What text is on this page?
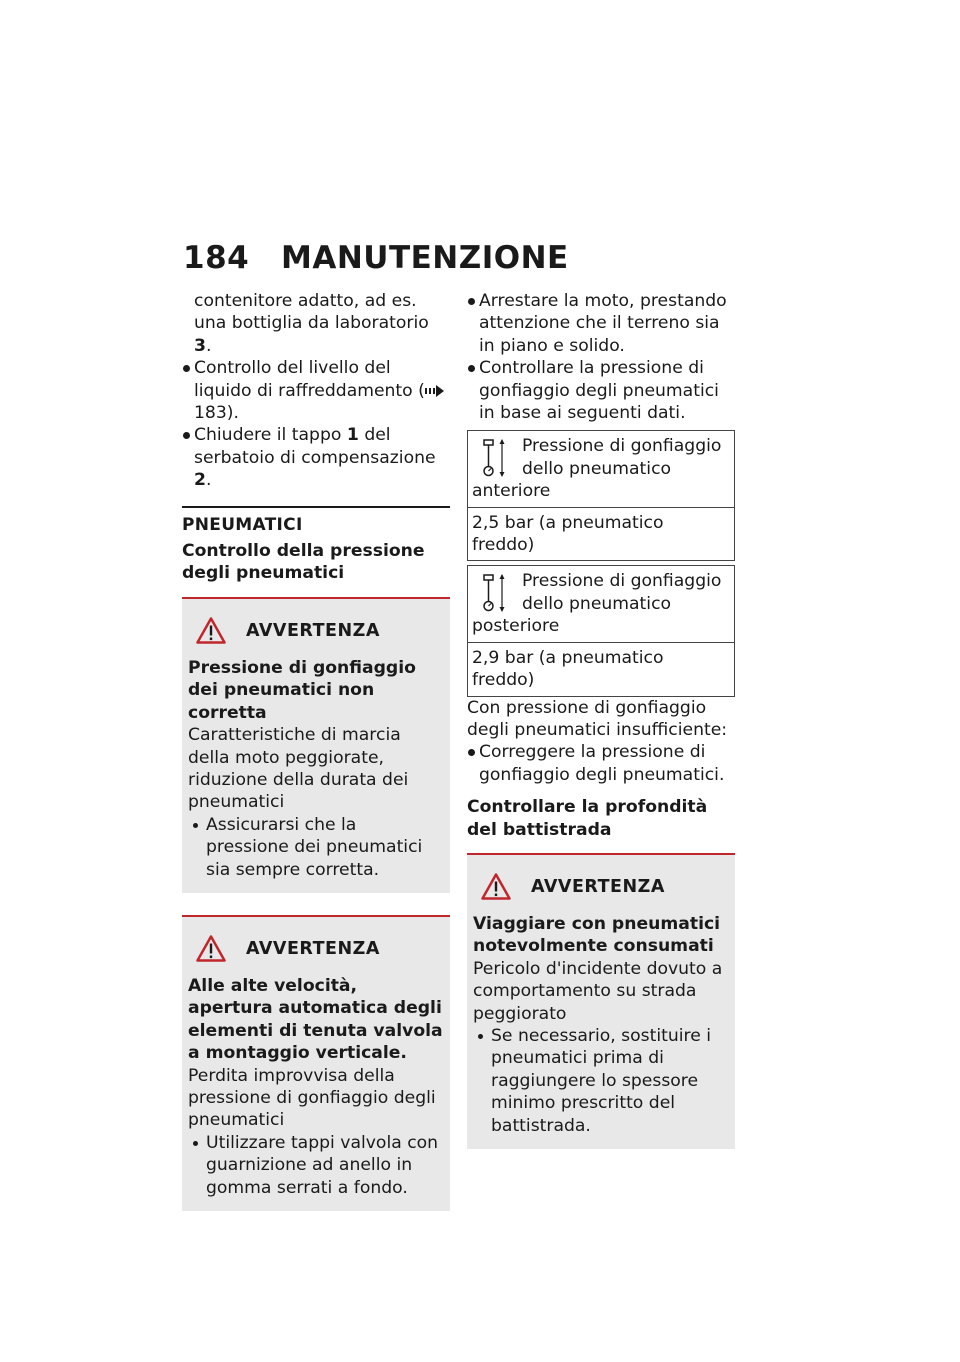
184 MANUTENZIONE
contenitore adatto, ad es. una bottiglia da laboratorio 3.
Controllo del livello del liquido di raffreddamento ( 183).
Chiudere il tappo 1 del serbatoio di compensazione 2.
PNEUMATICI
Controllo della pressione degli pneumatici
AVVERTENZA
Pressione di gonfiaggio dei pneumatici non corretta
Caratteristiche di marcia della moto peggiorate, riduzione della durata dei pneumatici
Assicurarsi che la pressione dei pneumatici sia sempre corretta.
AVVERTENZA
Alle alte velocità, apertura automatica degli elementi di tenuta valvola a montaggio verticale.
Perdita improvvisa della pressione di gonfiaggio degli pneumatici
Utilizzare tappi valvola con guarnizione ad anello in gomma serrati a fondo.
Arrestare la moto, prestando attenzione che il terreno sia in piano e solido.
Controllare la pressione di gonfiaggio degli pneumatici in base ai seguenti dati.
Pressione di gonfiaggio dello pneumatico anteriore
2,5 bar (a pneumatico freddo)
Pressione di gonfiaggio dello pneumatico posteriore
2,9 bar (a pneumatico freddo)
Con pressione di gonfiaggio degli pneumatici insufficiente:
Correggere la pressione di gonfiaggio degli pneumatici.
Controllare la profondità del battistrada
AVVERTENZA
Viaggiare con pneumatici notevolmente consumati
Pericolo d'incidente dovuto a comportamento su strada peggiorato
Se necessario, sostituire i pneumatici prima di raggiungere lo spessore minimo prescritto del battistrada.
